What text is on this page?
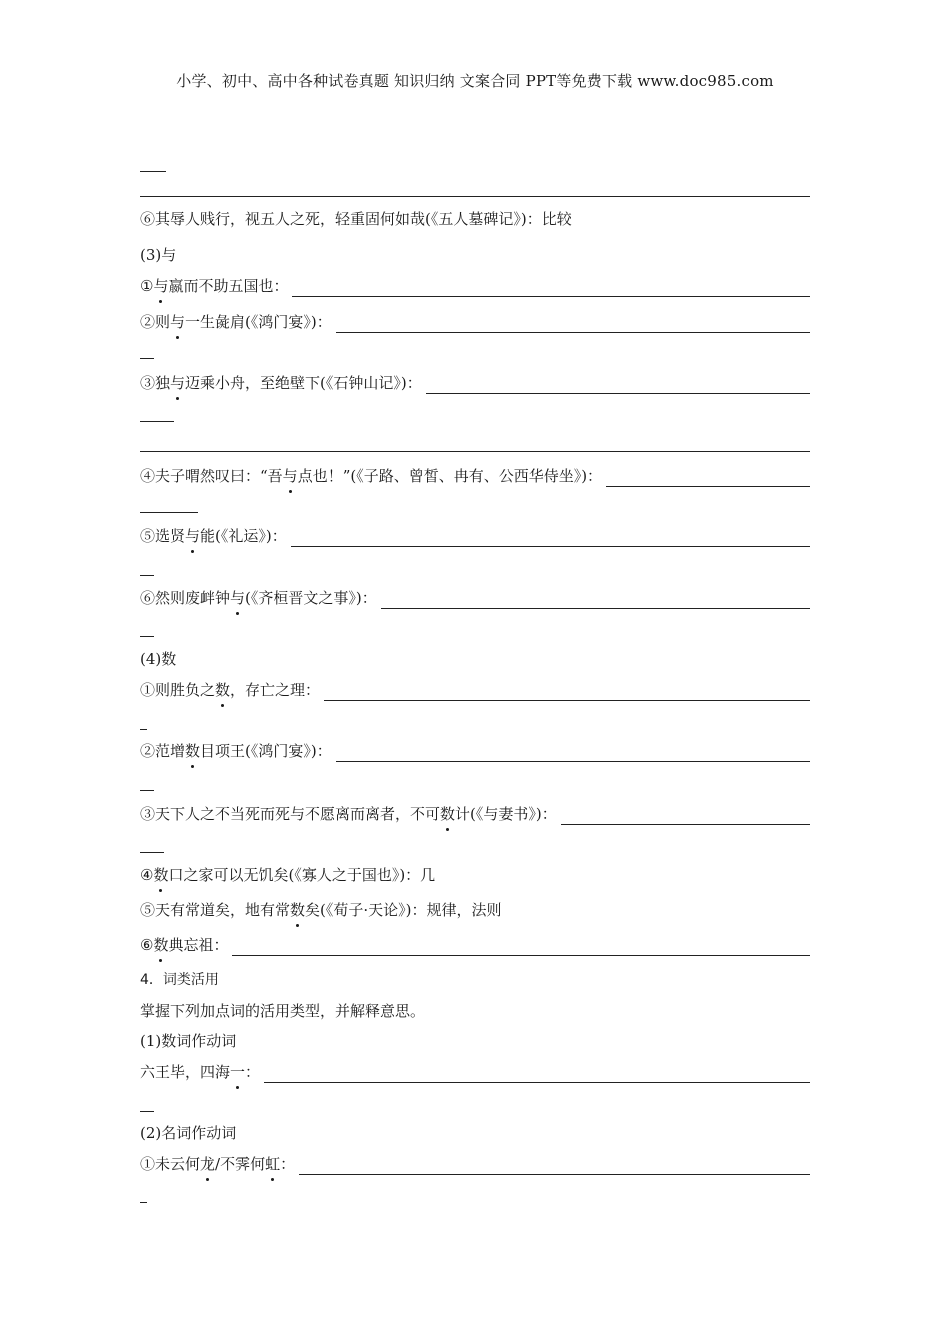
小学、初中、高中各种试卷真题 知识归纳 文案合同 PPT等免费下载 www.doc985.com
⑥其辱人贱行，视五人之死，轻重固何如哉(《五人墓碑记》)：比较
(3)与
① 与 嬴而不助五国也：
②则 与 一生彘肩(《鸿门宴》)：
③独 与 迈乘小舟，至绝壁下(《石钟山记》)：
④夫子喟然叹曰：“吾 与 点也！”(《子路、曾皙、冉有、公西华侍坐》)：
⑤选贤 与 能(《礼运》)：
⑥然则废衅钟 与 (《齐桓晋文之事》)：
(4)数
①则胜负之 数 ，存亡之理：
②范增 数 目项王(《鸿门宴》)：
③天下人之不当死而死与不愿离而离者，不可 数 计(《与妻书》)：
④ 数 口之家可以无饥矣(《寡人之于国也》)：几
⑤天有常道矣，地有常 数 矣(《荀子·天论》)：规律，法则
⑥ 数 典忘祖：
4．词类活用
掌握下列加点词的活用类型，并解释意思。
(1)数词作动词
六王毕，四海 一 ：
(2)名词作动词
①未云何 龙 /不霁何 虹 ：
